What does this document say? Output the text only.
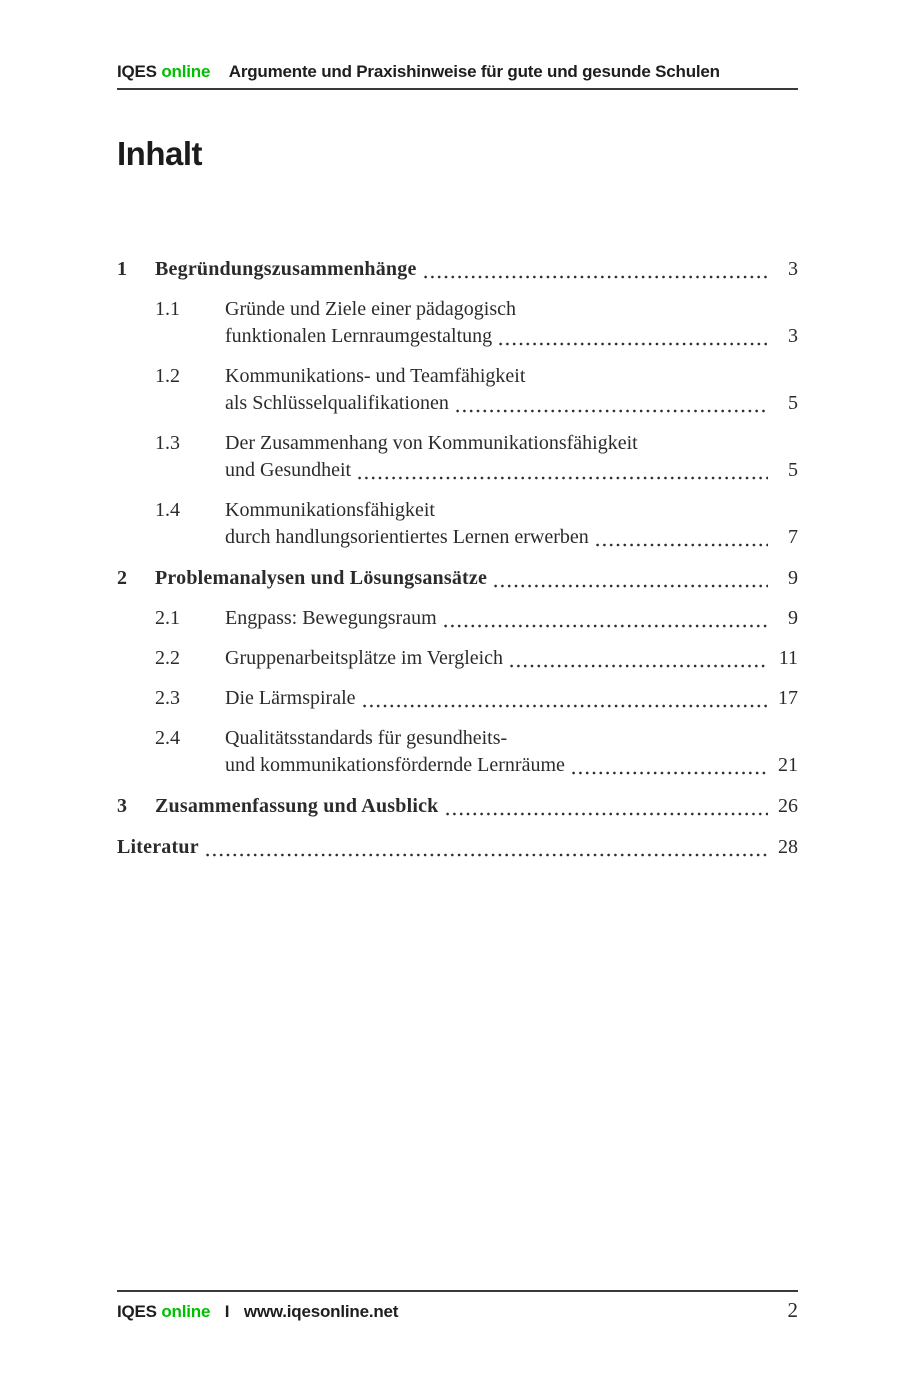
IQES online Argumente und Praxishinweise für gute und gesunde Schulen
Inhalt
1	Begründungszusammenhänge	3
1.1	Gründe und Ziele einer pädagogisch
funktionalen Lernraumgestaltung	3
1.2	Kommunikations- und Teamfähigkeit
als Schlüsselqualifikationen	5
1.3	Der Zusammenhang von Kommunikationsfähigkeit
und Gesundheit	5
1.4	Kommunikationsfähigkeit
durch handlungsorientiertes Lernen erwerben	7
2	Problemanalysen und Lösungsansätze	9
2.1	Engpass: Bewegungsraum	9
2.2	Gruppenarbeitsplätze im Vergleich	11
2.3	Die Lärmspirale	17
2.4	Qualitätsstandards für gesundheits-
und kommunikationsfördernde Lernräume	21
3	Zusammenfassung und Ausblick	26
Literatur	28
IQES online I www.iqesonline.net	2
